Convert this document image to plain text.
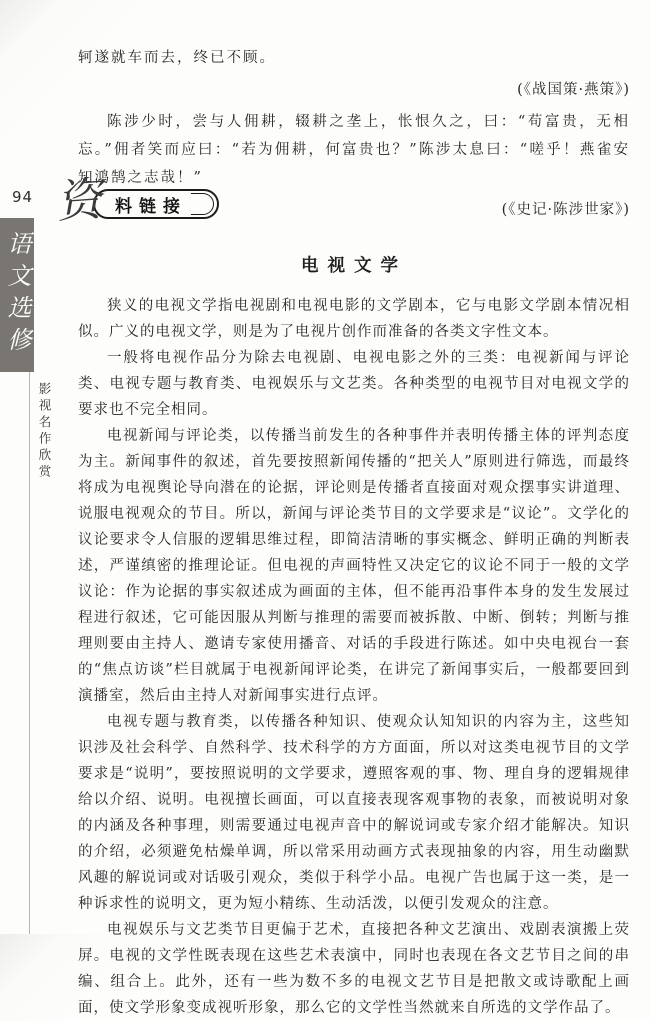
94
语文选修
影视名作欣赏

轲遂就车而去，终已不顾。

(《战国策·燕策》)

陈涉少时，尝与人佣耕，辍耕之垄上，怅恨久之，曰：“苟富贵，无相忘。”佣者笑而应曰：“若为佣耕，何富贵也？”陈涉太息曰：“嗟乎！燕雀安知鸿鹄之志哉！”

(《史记·陈涉世家》)

资 料链接
电视文学

狭义的电视文学指电视剧和电视电影的文学剧本，它与电影文学剧本情况相似。广义的电视文学，则是为了电视片创作而准备的各类文字性文本。

一般将电视作品分为除去电视剧、电视电影之外的三类：电视新闻与评论类、电视专题与教育类、电视娱乐与文艺类。各种类型的电视节目对电视文学的要求也不完全相同。

电视新闻与评论类，以传播当前发生的各种事件并表明传播主体的评判态度为主。新闻事件的叙述，首先要按照新闻传播的“把关人”原则进行筛选，而最终将成为电视舆论导向潜在的论据，评论则是传播者直接面对观众摆事实讲道理、说服电视观众的节目。所以，新闻与评论类节目的文学要求是“议论”。文学化的议论要求令人信服的逻辑思维过程，即简洁清晰的事实概念、鲜明正确的判断表述，严谨缜密的推理论证。但电视的声画特性又决定它的议论不同于一般的文学议论：作为论据的事实叙述成为画面的主体，但不能再沿事件本身的发生发展过程进行叙述，它可能因服从判断与推理的需要而被拆散、中断、倒转；判断与推理则要由主持人、邀请专家使用播音、对话的手段进行陈述。如中央电视台一套的“焦点访谈”栏目就属于电视新闻评论类，在讲完了新闻事实后，一般都要回到演播室，然后由主持人对新闻事实进行点评。

电视专题与教育类，以传播各种知识、使观众认知知识的内容为主，这些知识涉及社会科学、自然科学、技术科学的方方面面，所以对这类电视节目的文学要求是“说明”，要按照说明的文学要求，遵照客观的事、物、理自身的逻辑规律给以介绍、说明。电视擅长画面，可以直接表现客观事物的表象，而被说明对象的内涵及各种事理，则需要通过电视声音中的解说词或专家介绍才能解决。知识的介绍，必须避免枯燥单调，所以常采用动画方式表现抽象的内容，用生动幽默风趣的解说词或对话吸引观众，类似于科学小品。电视广告也属于这一类，是一种诉求性的说明文，更为短小精练、生动活泼，以便引发观众的注意。

电视娱乐与文艺类节目更偏于艺术，直接把各种文艺演出、戏剧表演搬上荧屏。电视的文学性既表现在这些艺术表演中，同时也表现在各文艺节目之间的串编、组合上。此外，还有一些为数不多的电视文艺节目是把散文或诗歌配上画面，使文学形象变成视听形象，那么它的文学性当然就来自所选的文学作品了。
